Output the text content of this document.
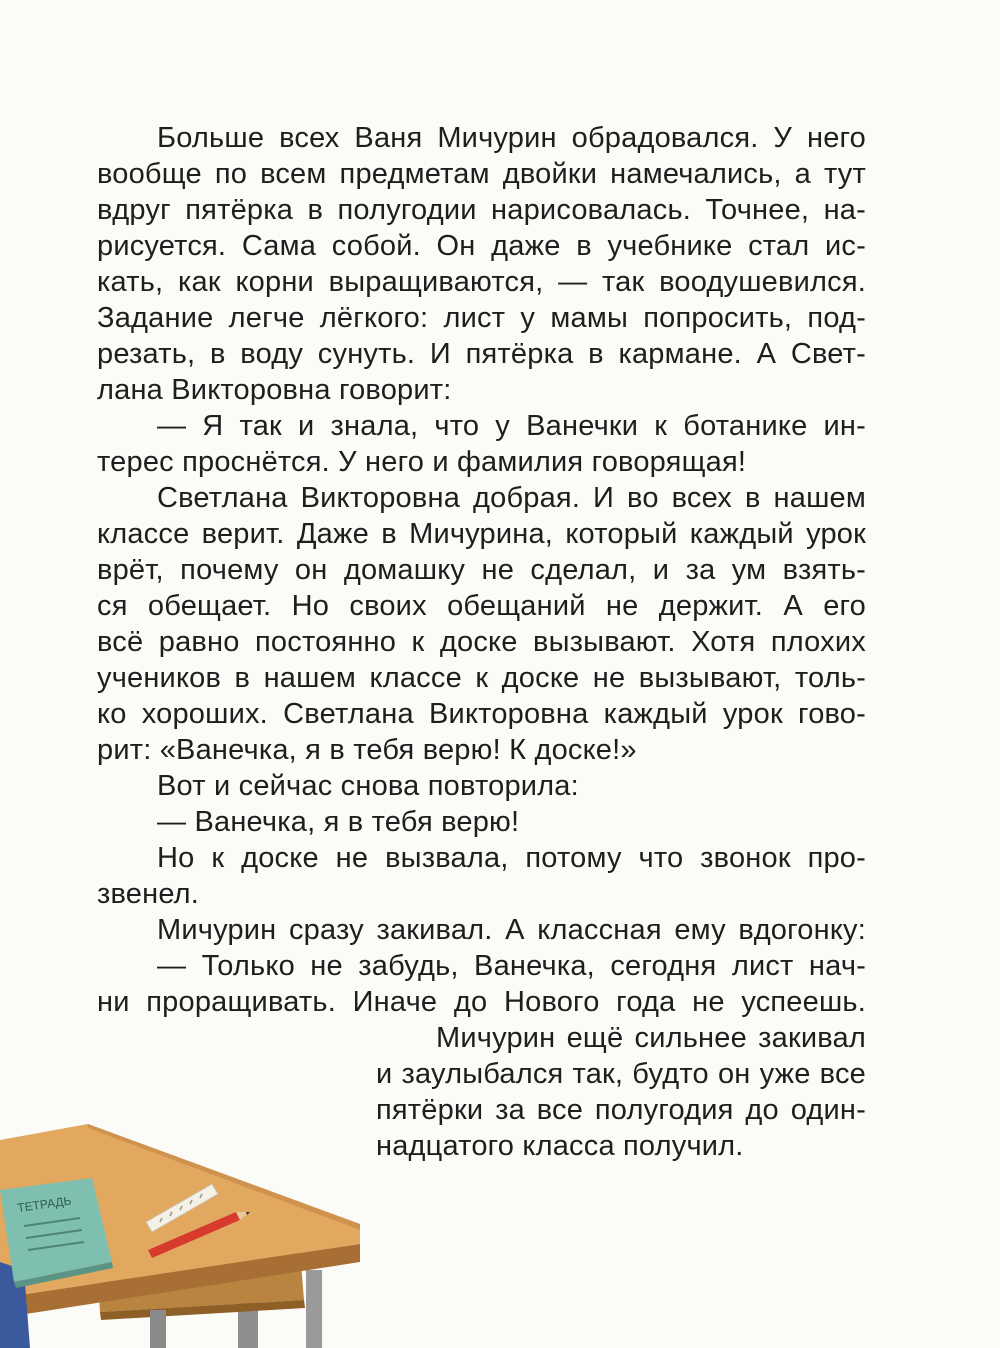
Больше всех Ваня Мичурин обрадовался. У него
вообще по всем предметам двойки намечались, а тут
вдруг пятёрка в полугодии нарисовалась. Точнее, на-
рисуется. Сама собой. Он даже в учебнике стал ис-
кать, как корни выращиваются, — так воодушевился.
Задание легче лёгкого: лист у мамы попросить, под-
резать, в воду сунуть. И пятёрка в кармане. А Свет-
лана Викторовна говорит:
— Я так и знала, что у Ванечки к ботанике ин-
терес проснётся. У него и фамилия говорящая!
Светлана Викторовна добрая. И во всех в нашем
классе верит. Даже в Мичурина, который каждый урок
врёт, почему он домашку не сделал, и за ум взять-
ся обещает. Но своих обещаний не держит. А его
всё равно постоянно к доске вызывают. Хотя плохих
учеников в нашем классе к доске не вызывают, толь-
ко хороших. Светлана Викторовна каждый урок гово-
рит: «Ванечка, я в тебя верю! К доске!»
Вот и сейчас снова повторила:
— Ванечка, я в тебя верю!
Но к доске не вызвала, потому что звонок про-
звенел.
Мичурин сразу закивал. А классная ему вдогонку:
— Только не забудь, Ванечка, сегодня лист нач-
ни проращивать. Иначе до Нового года не успеешь.
Мичурин ещё сильнее закивал
и заулыбался так, будто он уже все
пятёрки за все полугодия до один-
надцатого класса получил.
ТЕТРАДЬ
